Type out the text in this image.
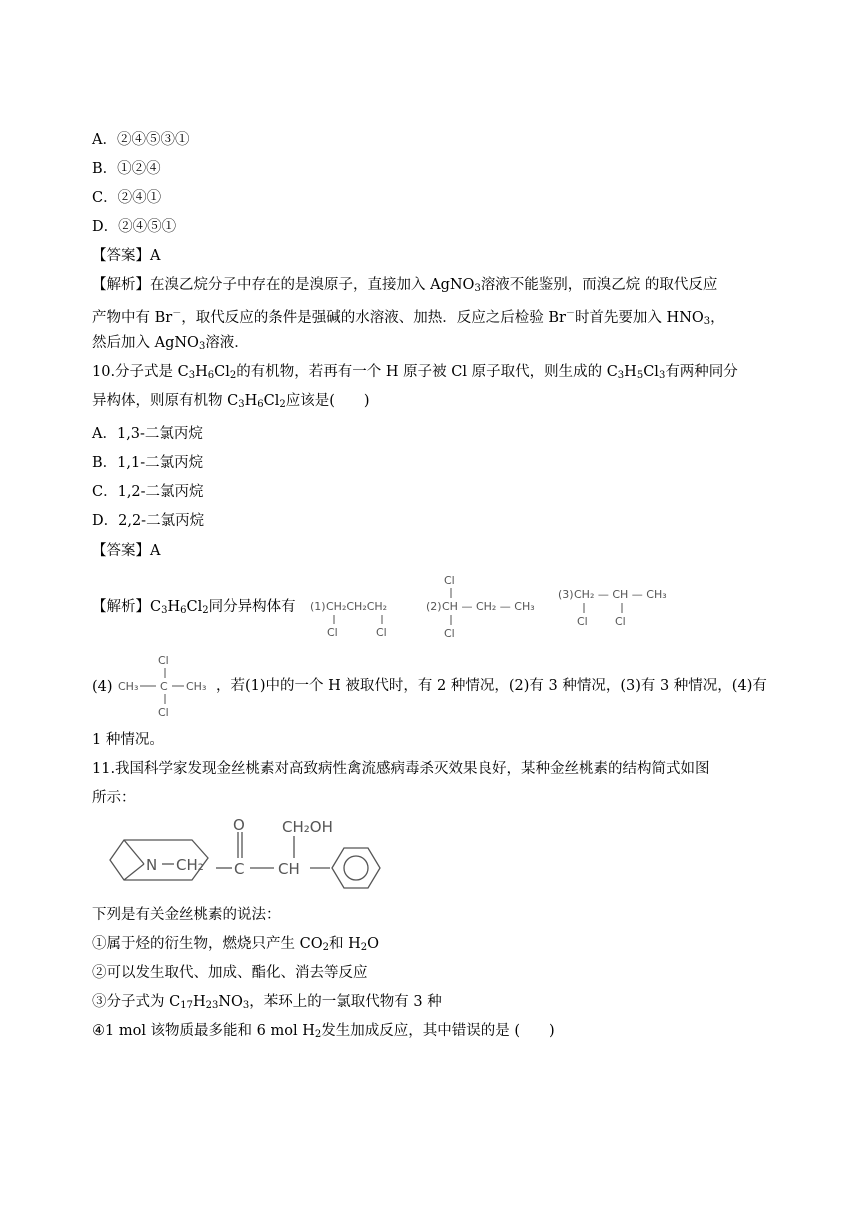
A．②④⑤③①
B．①②④
C．②④①
D．②④⑤①
【答案】A
【解析】在溴乙烷分子中存在的是溴原子，直接加入 AgNO$_3$溶液不能鉴别，而溴乙烷 的取代反应
产物中有 Br－，取代反应的条件是强碱的水溶液、加热．反应之后检验 Br－时首先要加入 $HNO_3$，
然后加入 AgNO$_3$溶液．
10.分子式是 $C_3H_6Cl_2$的有机物，若再有一个 H 原子被 Cl 原子取代，则生成的 $C_3H_5Cl_3$有两种同分
异构体，则原有机物 $C_3H_6Cl_2$应该是(　　)
A．1,3-二氯丙烷
B．1,1-二氯丙烷
C．1,2-二氯丙烷
D．2,2-二氯丙烷
【答案】A
【解析】$C_3H_6Cl_2$同分异构体有 (1) CH₂CH₂CH₂
Cl	Cl
Cl
(2) CH — CH₂ — CH₃
Cl
(3) CH₂ — CH — CH₃
Cl Cl
(4)
Cl
CH₃ C CH₃
Cl
，若(1)中的一个 H 被取代时，有 2 种情况，(2)有 3 种情况，(3)有 3 种情况，(4)有
1 种情况。
11.我国科学家发现金丝桃素对高致病性禽流感病毒杀灭效果良好，某种金丝桃素的结构简式如图
所示：
O CH₂OH
N CH₂ C CH
下列是有关金丝桃素的说法：
①属于烃的衍生物，燃烧只产生 $CO_2$和 $H_2O$
②可以发生取代、加成、酯化、消去等反应
③分子式为 $C_{17}H_{23}NO_3$，苯环上的一氯取代物有 3 种
④1 mol 该物质最多能和 6 mol $H_2$发生加成反应，其中错误的是 (　　)
